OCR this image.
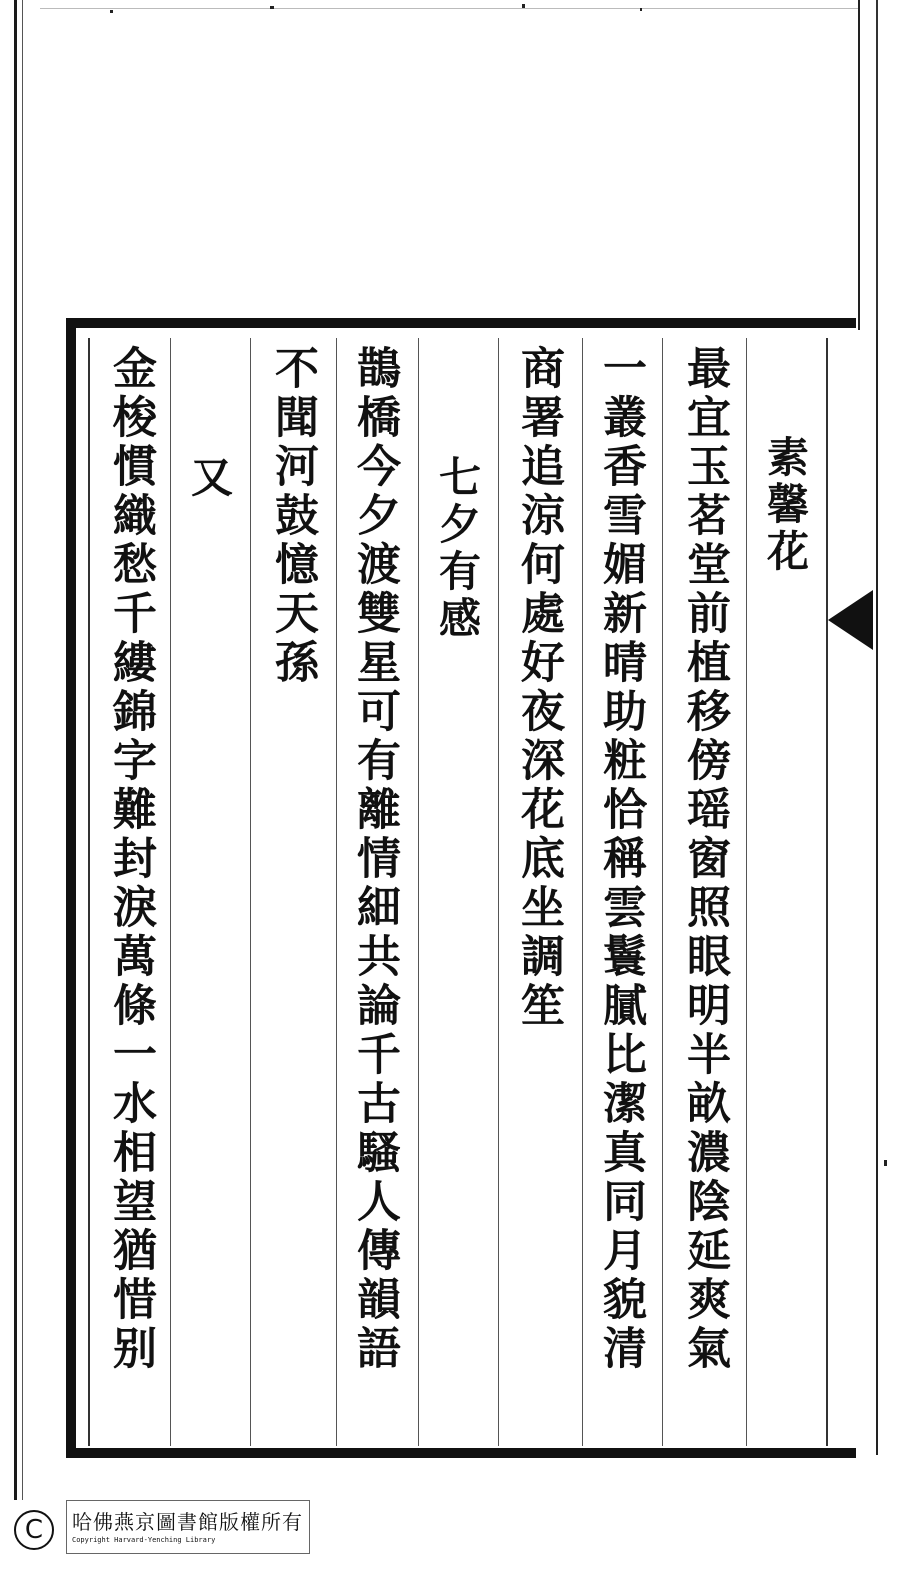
素馨花
最宜玉茗堂前植移傍瑶窗照眼明半畝濃陰延爽氣
一叢香雪媚新晴助粧恰稱雲鬟膩比潔真同月貌清
商署追涼何處好夜深花底坐調笙
七夕有感
鵲橋今夕渡雙星可有離情細共論千古騷人傳韻語
不聞河鼓憶天孫
又
金梭慣織愁千縷錦字難封淚萬條一水相望猶惜别
C	哈佛燕京圖書館版權所有
Copyright Harvard-Yenching Library
